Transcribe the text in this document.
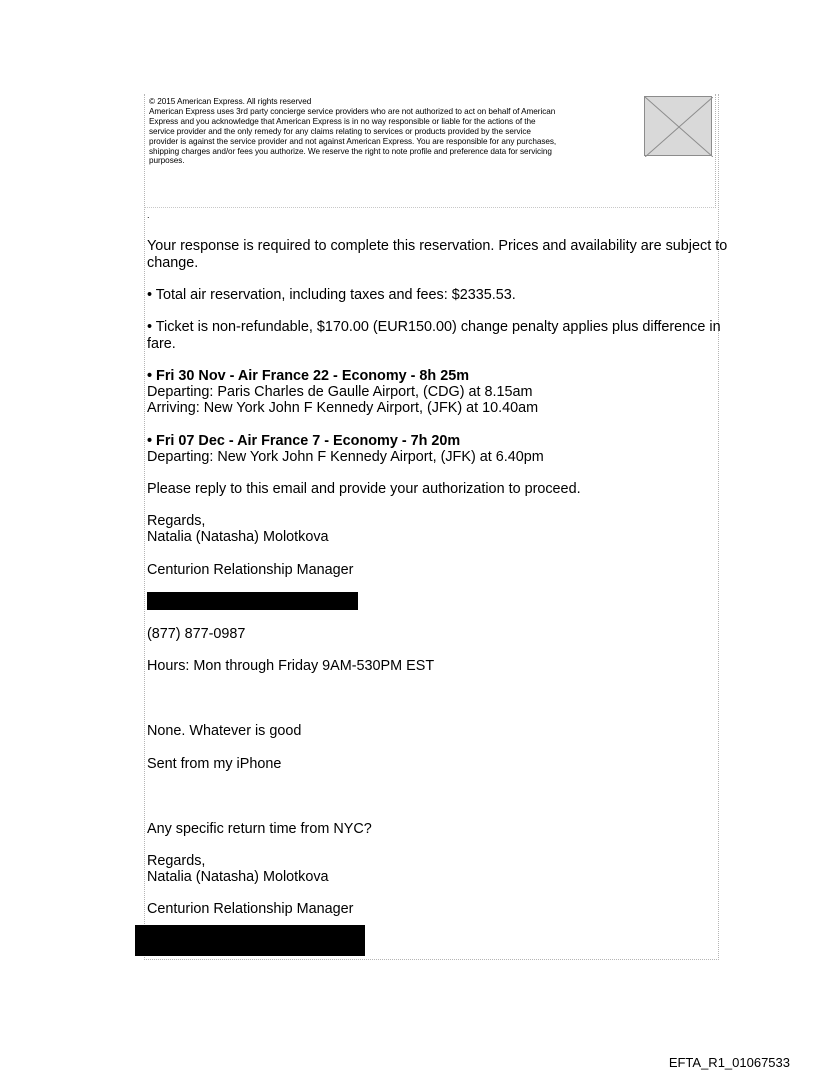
© 2015 American Express. All rights reserved

American Express uses 3rd party concierge service providers who are not authorized to act on behalf of American

Express and you acknowledge that American Express is in no way responsible or liable for the actions of the

service provider and the only remedy for any claims relating to services or products provided by the service

provider is against the service provider and not against American Express. You are responsible for any purchases,

shipping charges and/or fees you authorize. We reserve the right to note profile and preference data for servicing

purposes.

.
Your response is required to complete this reservation. Prices and availability are subject to
change.
• Total air reservation, including taxes and fees: $2335.53.
• Ticket is non-refundable, $170.00 (EUR150.00) change penalty applies plus difference in
fare.
• Fri 30 Nov - Air France 22 - Economy - 8h 25m
Departing: Paris Charles de Gaulle Airport, (CDG) at 8.15am
Arriving: New York John F Kennedy Airport, (JFK) at 10.40am
• Fri 07 Dec - Air France 7 - Economy - 7h 20m
Departing: New York John F Kennedy Airport, (JFK) at 6.40pm
Please reply to this email and provide your authorization to proceed.
Regards,
Natalia (Natasha) Molotkova
Centurion Relationship Manager
(877) 877-0987
Hours: Mon through Friday 9AM-530PM EST
None. Whatever is good
Sent from my iPhone
Any specific return time from NYC?
Regards,
Natalia (Natasha) Molotkova
Centurion Relationship Manager
EFTA_R1_01067533
